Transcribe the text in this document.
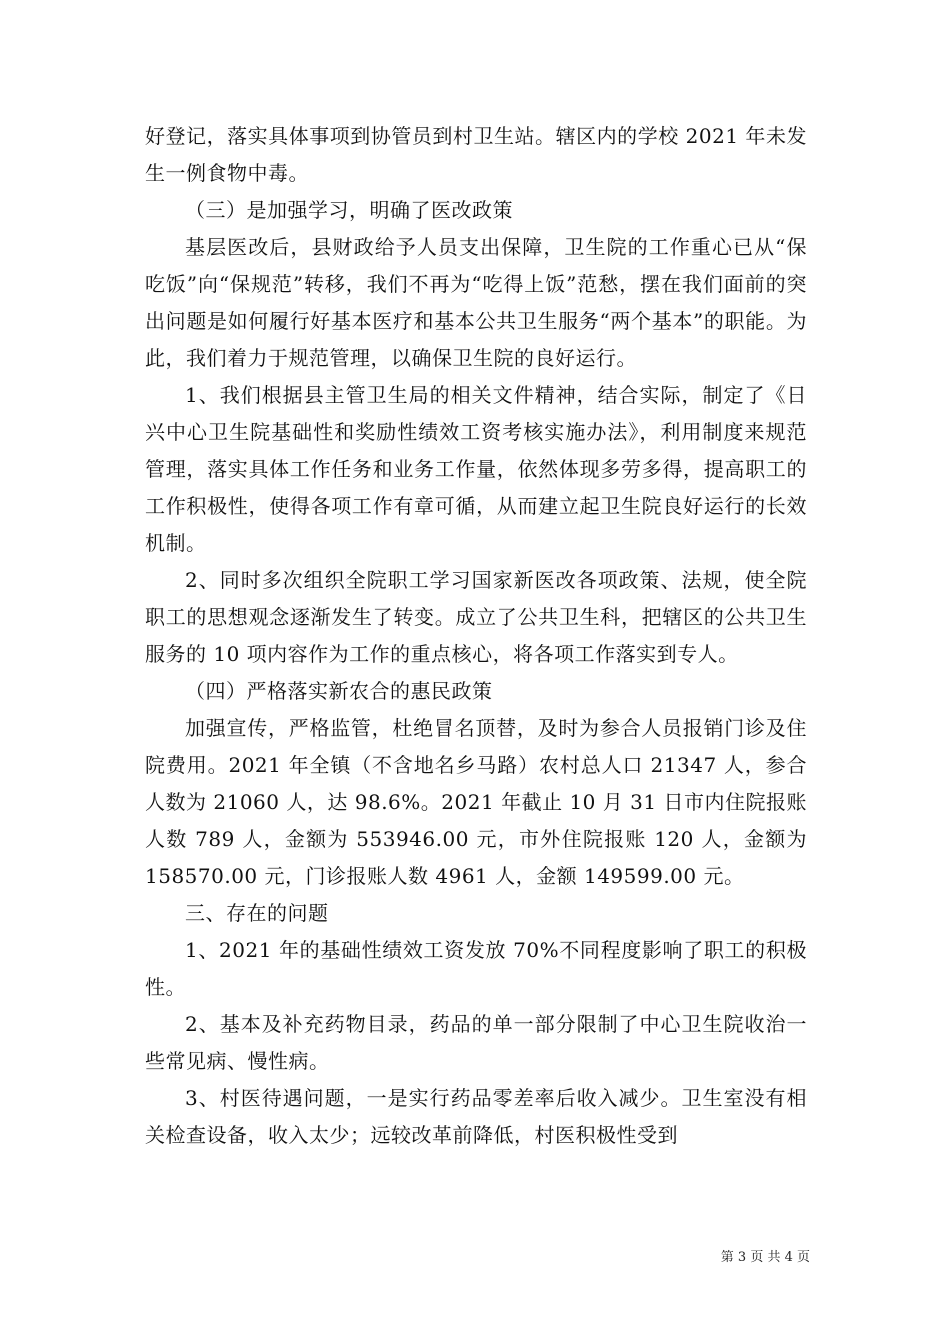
好登记，落实具体事项到协管员到村卫生站。辖区内的学校 2021 年未发生一例食物中毒。

（三）是加强学习，明确了医改政策

基层医改后，县财政给予人员支出保障，卫生院的工作重心已从“保吃饭”向“保规范”转移，我们不再为“吃得上饭”范愁，摆在我们面前的突出问题是如何履行好基本医疗和基本公共卫生服务“两个基本”的职能。为此，我们着力于规范管理，以确保卫生院的良好运行。

1、我们根据县主管卫生局的相关文件精神，结合实际，制定了《日兴中心卫生院基础性和奖励性绩效工资考核实施办法》，利用制度来规范管理，落实具体工作任务和业务工作量，依然体现多劳多得，提高职工的工作积极性，使得各项工作有章可循，从而建立起卫生院良好运行的长效机制。

2、同时多次组织全院职工学习国家新医改各项政策、法规，使全院职工的思想观念逐渐发生了转变。成立了公共卫生科，把辖区的公共卫生服务的 10 项内容作为工作的重点核心，将各项工作落实到专人。

（四）严格落实新农合的惠民政策

加强宣传，严格监管，杜绝冒名顶替，及时为参合人员报销门诊及住院费用。2021 年全镇（不含地名乡马路）农村总人口 21347 人，参合人数为 21060 人，达 98.6%。2021 年截止 10 月 31 日市内住院报账人数 789 人，金额为 553946.00 元，市外住院报账 120 人，金额为 158570.00 元，门诊报账人数 4961 人，金额 149599.00 元。

三、存在的问题

1、2021 年的基础性绩效工资发放 70%不同程度影响了职工的积极性。

2、基本及补充药物目录，药品的单一部分限制了中心卫生院收治一些常见病、慢性病。

3、村医待遇问题，一是实行药品零差率后收入减少。卫生室没有相关检查设备，收入太少；远较改革前降低，村医积极性受到

第 3 页 共 4 页
